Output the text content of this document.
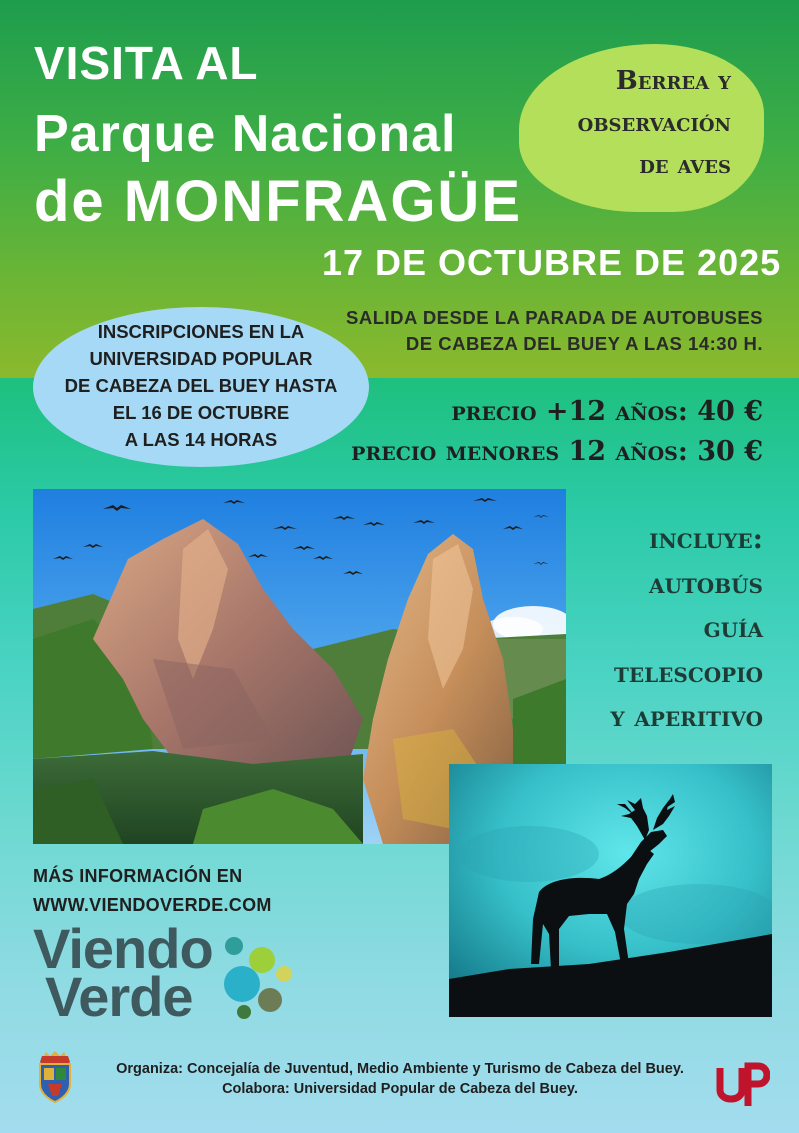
VISITA AL
Parque Nacional
de MONFRAGÜE
Berrea y
observación
de aves
17 DE OCTUBRE DE 2025
SALIDA DESDE LA PARADA DE AUTOBUSES
DE CABEZA DEL BUEY A LAS 14:30 H.
INSCRIPCIONES EN LA
UNIVERSIDAD POPULAR
DE CABEZA DEL BUEY HASTA
EL 16 DE OCTUBRE
A LAS 14 HORAS
precio +12 años: 40 €
precio menores 12 años: 30 €
incluye:
autobús
guía
telescopio
y aperitivo
MÁS INFORMACIÓN EN
WWW.VIENDOVERDE.COM
Viendo
Verde
Organiza: Concejalía de Juventud, Medio Ambiente y Turismo de Cabeza del Buey.
Colabora: Universidad Popular de Cabeza del Buey.
